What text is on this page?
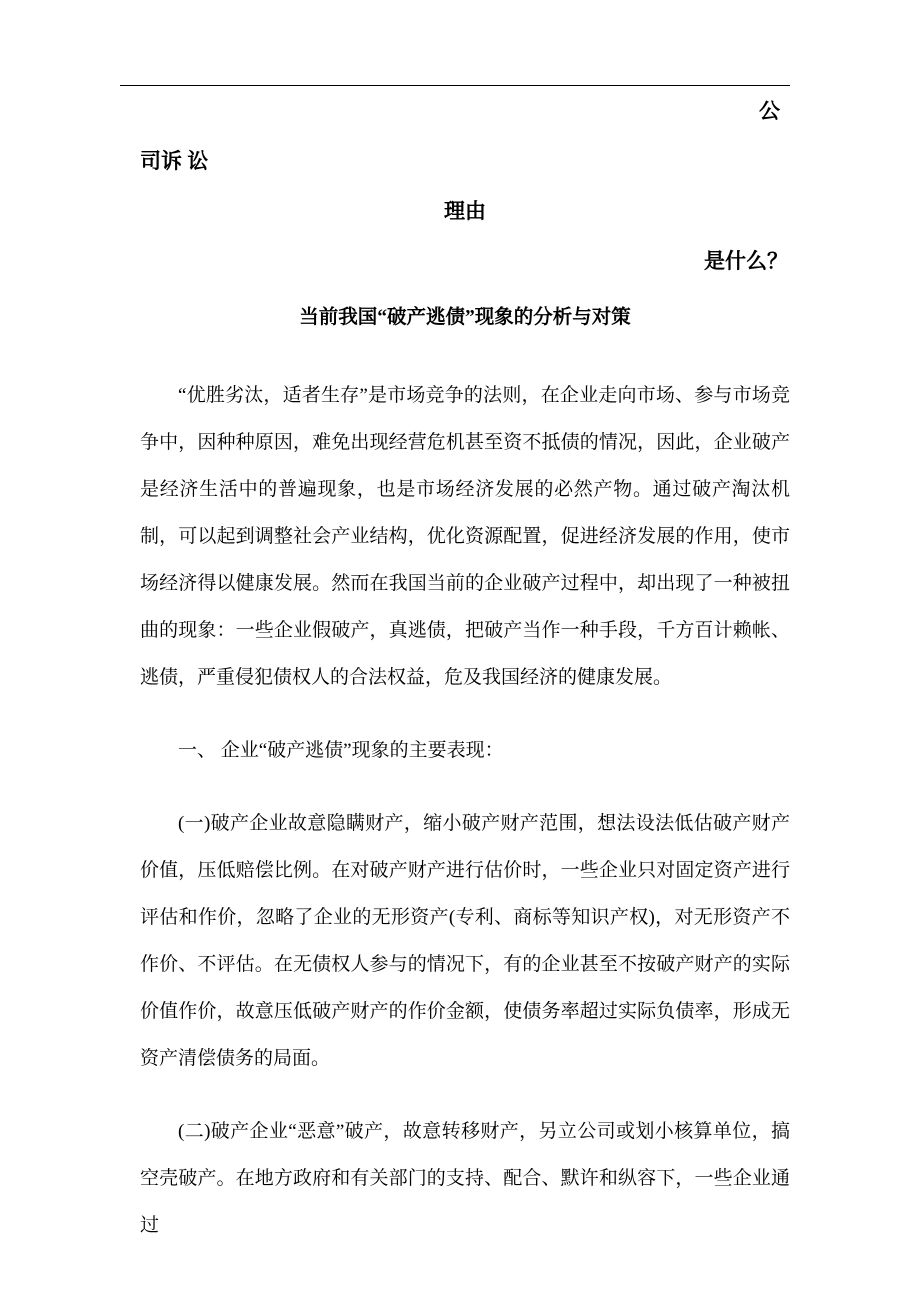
公
司诉 讼
理由
是什么？
当前我国“破产逃债”现象的分析与对策

“优胜劣汰，适者生存”是市场竞争的法则，在企业走向市场、参与市场竞争中，因种种原因，难免出现经营危机甚至资不抵债的情况，因此，企业破产是经济生活中的普遍现象，也是市场经济发展的必然产物。通过破产淘汰机制，可以起到调整社会产业结构，优化资源配置，促进经济发展的作用，使市场经济得以健康发展。然而在我国当前的企业破产过程中，却出现了一种被扭曲的现象：一些企业假破产，真逃债，把破产当作一种手段，千方百计赖帐、逃债，严重侵犯债权人的合法权益，危及我国经济的健康发展。

一、 企业“破产逃债”现象的主要表现：

(一)破产企业故意隐瞒财产，缩小破产财产范围，想法设法低估破产财产价值，压低赔偿比例。在对破产财产进行估价时，一些企业只对固定资产进行评估和作价，忽略了企业的无形资产(专利、商标等知识产权)，对无形资产不作价、不评估。在无债权人参与的情况下，有的企业甚至不按破产财产的实际价值作价，故意压低破产财产的作价金额，使债务率超过实际负债率，形成无资产清偿债务的局面。

(二)破产企业“恶意”破产，故意转移财产，另立公司或划小核算单位，搞空壳破产。在地方政府和有关部门的支持、配合、默许和纵容下，一些企业通过
